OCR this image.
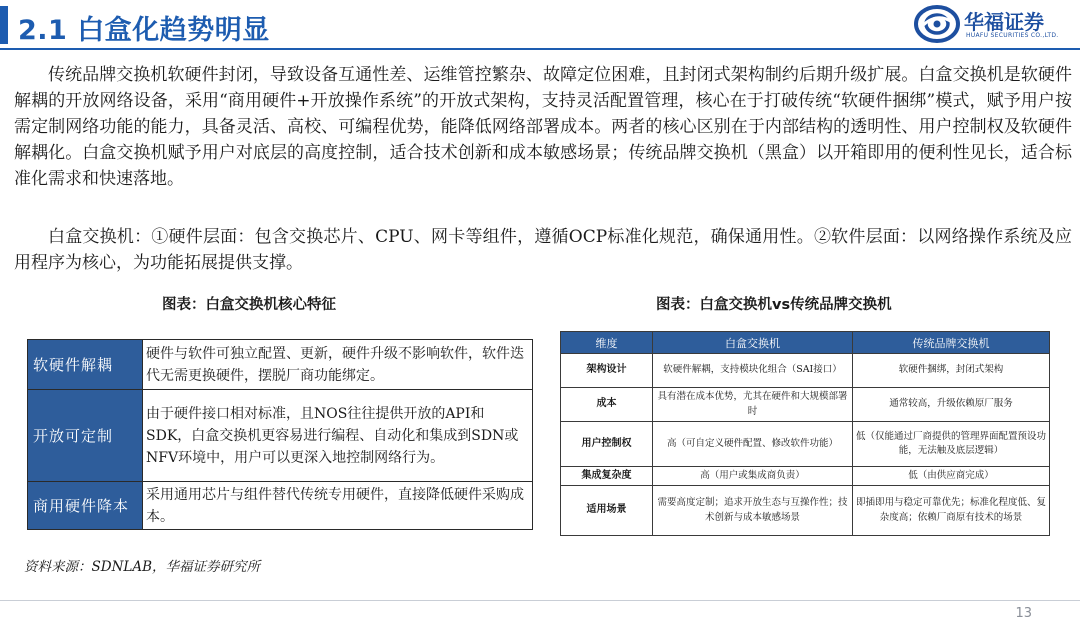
2.1 白盒化趋势明显	华福证券
HUAFU SECURITIES CO.,LTD.

传统品牌交换机软硬件封闭，导致设备互通性差、运维管控繁杂、故障定位困难，且封闭式架构制约后期升级扩展。白盒交换机是软硬件解耦的开放网络设备，采用“商用硬件+开放操作系统”的开放式架构，支持灵活配置管理，核心在于打破传统“软硬件捆绑”模式，赋予用户按需定制网络功能的能力，具备灵活、高校、可编程优势，能降低网络部署成本。两者的核心区别在于内部结构的透明性、用户控制权及软硬件解耦化。白盒交换机赋予用户对底层的高度控制，适合技术创新和成本敏感场景；传统品牌交换机（黑盒）以开箱即用的便利性见长，适合标准化需求和快速落地。

白盒交换机：①硬件层面：包含交换芯片、CPU、网卡等组件，遵循OCP标准化规范，确保通用性。②软件层面：以网络操作系统及应用程序为核心，为功能拓展提供支撑。

图表：白盒交换机核心特征	图表：白盒交换机vs传统品牌交换机
软硬件解耦	硬件与软件可独立配置、更新，硬件升级不影响软件，软件迭代无需更换硬件，摆脱厂商功能绑定。
开放可定制	由于硬件接口相对标准，且NOS往往提供开放的API和SDK，白盒交换机更容易进行编程、自动化和集成到SDN或NFV环境中，用户可以更深入地控制网络行为。
商用硬件降本	采用通用芯片与组件替代传统专用硬件，直接降低硬件采购成本。
维度	白盒交换机	传统品牌交换机
架构设计	软硬件解耦，支持模块化组合（SAI接口）	软硬件捆绑，封闭式架构
成本	具有潜在成本优势，尤其在硬件和大规模部署时	通常较高，升级依赖原厂服务
用户控制权	高（可自定义硬件配置、修改软件功能）	低（仅能通过厂商提供的管理界面配置预设功能，无法触及底层逻辑）
集成复杂度	高（用户或集成商负责）	低（由供应商完成）
适用场景	需要高度定制；追求开放生态与互操作性；技术创新与成本敏感场景	即插即用与稳定可靠优先；标准化程度低、复杂度高；依赖厂商原有技术的场景
资料来源：SDNLAB，华福证券研究所
13
